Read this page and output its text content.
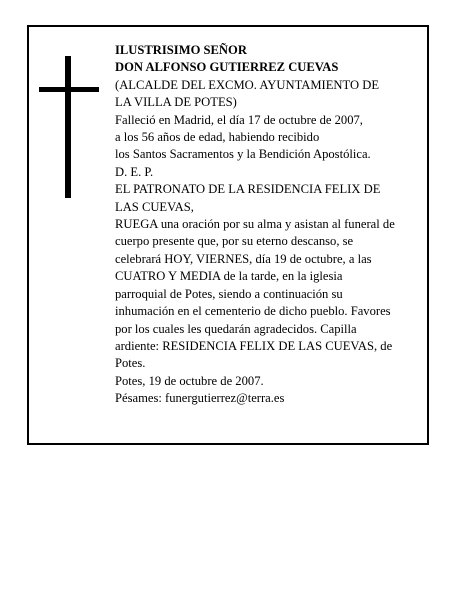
ILUSTRISIMO SEÑOR
DON ALFONSO GUTIERREZ CUEVAS
(ALCALDE DEL EXCMO. AYUNTAMIENTO DE
LA VILLA DE POTES)
Falleció en Madrid, el día 17 de octubre de 2007,
a los 56 años de edad, habiendo recibido
los Santos Sacramentos y la Bendición Apostólica.
D. E. P.
EL PATRONATO DE LA RESIDENCIA FELIX DE
LAS CUEVAS,
RUEGA una oración por su alma y asistan al funeral de
cuerpo presente que, por su eterno descanso, se
celebrará HOY, VIERNES, día 19 de octubre, a las
CUATRO Y MEDIA de la tarde, en la iglesia
parroquial de Potes, siendo a continuación su
inhumación en el cementerio de dicho pueblo. Favores
por los cuales les quedarán agradecidos. Capilla
ardiente: RESIDENCIA FELIX DE LAS CUEVAS, de
Potes.
Potes, 19 de octubre de 2007.
Pésames: funergutierrez@terra.es
